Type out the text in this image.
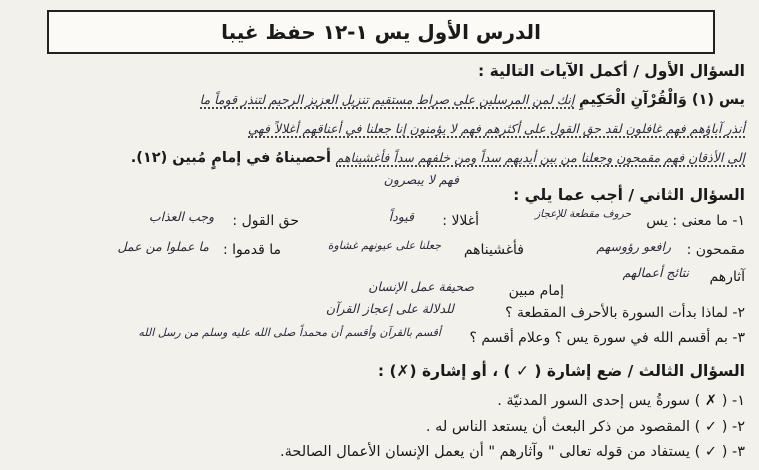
الدرس الأول يس ١-١٢ حفظ غيبا
السؤال الأول / أكمل الآيات التالية :
يس (١) وَالْقُرْآنِ الْحَكِيمِ إنك لمن المرسلين على صراط مستقيم تنزيل العزيز الرحيم لتنذر قوماً ما
أنذر آباؤهم فهم غافلون لقد حق القول على أكثرهم فهم لا يؤمنون إنا جعلنا في أعناقهم أغلالاً فهي
إلى الأذقان فهم مقمحون وجعلنا من بين أيديهم سداً ومن خلفهم سداً فأغشيناهم أحصيناهُ في إمامٍ مُبين (١٢).
فهم لا يبصرون
السؤال الثاني / أجب عما يلي :
١- ما معنى : يس
حروف مقطعة للإعجاز
أغلالا :
قيوداً
حق القول :
وجب العذاب
مقمحون :
رافعو رؤوسهم
فأغشيناهم
جعلنا على عيونهم غشاوة
ما قدموا :
ما عملوا من عمل
آثارهم
نتائج أعمالهم
إمام مبين
صحيفة عمل الإنسان
٢- لماذا بدأت السورة بالأحرف المقطعة ؟
للدلالة على إعجاز القرآن
٣- بم أقسم الله في سورة يس ؟ وعلام أقسم ؟
أقسم بالقرآن وأقسم أن محمداً صلى الله عليه وسلم من رسل الله

السؤال الثالث / ضع إشارة ( ✓ ) ، أو إشارة (✗) :
١- ( ✗ ) سورةُ يس إحدى السور المدنيّة .
٢- ( ✓ ) المقصود من ذكر البعث أن يستعد الناس له .
٣- ( ✓ ) يستفاد من قوله تعالى " وآثارهم " أن يعمل الإنسان الأعمال الصالحة.
